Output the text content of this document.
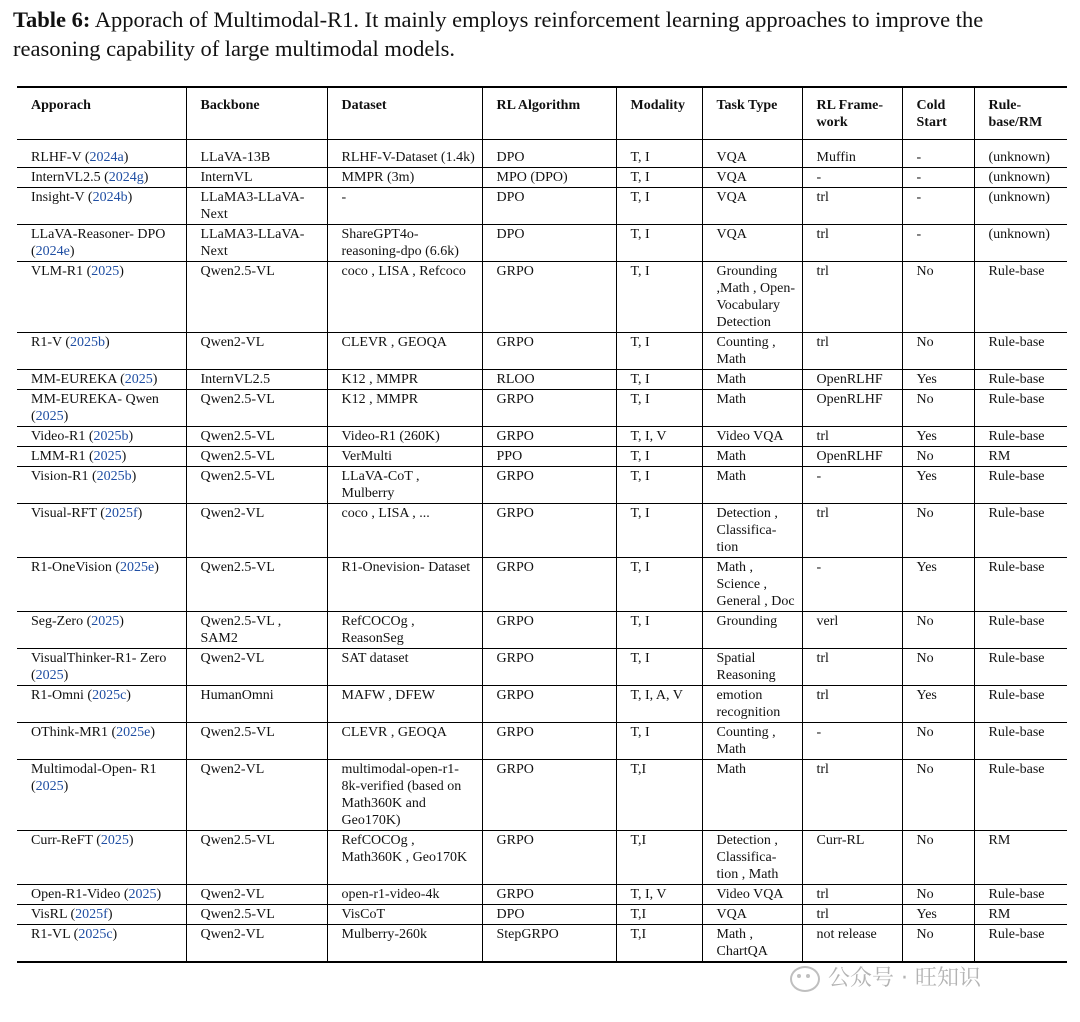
Table 6: Apporach of Multimodal-R1. It mainly employs reinforcement learning approaches to improve the reasoning capability of large multimodal models.

Apporach	Backbone	Dataset	RL Algorithm	Modality	Task Type	RL Frame- work	Cold Start	Rule- base/RM
RLHF-V (2024a)	LLaVA-13B	RLHF-V-Dataset (1.4k)	DPO	T, I	VQA	Muffin	-	(unknown)
InternVL2.5 (2024g)	InternVL	MMPR (3m)	MPO (DPO)	T, I	VQA	-	-	(unknown)
Insight-V (2024b)	LLaMA3-LLaVA- Next	-	DPO	T, I	VQA	trl	-	(unknown)
LLaVA-Reasoner- DPO (2024e)	LLaMA3-LLaVA- Next	ShareGPT4o- reasoning-dpo (6.6k)	DPO	T, I	VQA	trl	-	(unknown)
VLM-R1 (2025)	Qwen2.5-VL	coco , LISA , Refcoco	GRPO	T, I	Grounding ,Math , Open- Vocabulary Detection	trl	No	Rule-base
R1-V (2025b)	Qwen2-VL	CLEVR , GEOQA	GRPO	T, I	Counting , Math	trl	No	Rule-base
MM-EUREKA (2025)	InternVL2.5	K12 , MMPR	RLOO	T, I	Math	OpenRLHF	Yes	Rule-base
MM-EUREKA- Qwen (2025)	Qwen2.5-VL	K12 , MMPR	GRPO	T, I	Math	OpenRLHF	No	Rule-base
Video-R1 (2025b)	Qwen2.5-VL	Video-R1 (260K)	GRPO	T, I, V	Video VQA	trl	Yes	Rule-base
LMM-R1 (2025)	Qwen2.5-VL	VerMulti	PPO	T, I	Math	OpenRLHF	No	RM
Vision-R1 (2025b)	Qwen2.5-VL	LLaVA-CoT , Mulberry	GRPO	T, I	Math	-	Yes	Rule-base
Visual-RFT (2025f)	Qwen2-VL	coco , LISA , ...	GRPO	T, I	Detection , Classifica- tion	trl	No	Rule-base
R1-OneVision (2025e)	Qwen2.5-VL	R1-Onevision- Dataset	GRPO	T, I	Math , Science , General , Doc	-	Yes	Rule-base
Seg-Zero (2025)	Qwen2.5-VL , SAM2	RefCOCOg , ReasonSeg	GRPO	T, I	Grounding	verl	No	Rule-base
VisualThinker-R1- Zero (2025)	Qwen2-VL	SAT dataset	GRPO	T, I	Spatial Reasoning	trl	No	Rule-base
R1-Omni (2025c)	HumanOmni	MAFW , DFEW	GRPO	T, I, A, V	emotion recognition	trl	Yes	Rule-base
OThink-MR1 (2025e)	Qwen2.5-VL	CLEVR , GEOQA	GRPO	T, I	Counting , Math	-	No	Rule-base
Multimodal-Open- R1 (2025)	Qwen2-VL	multimodal-open-r1- 8k-verified (based on Math360K and Geo170K)	GRPO	T,I	Math	trl	No	Rule-base
Curr-ReFT (2025)	Qwen2.5-VL	RefCOCOg , Math360K , Geo170K	GRPO	T,I	Detection , Classifica- tion , Math	Curr-RL	No	RM
Open-R1-Video (2025)	Qwen2-VL	open-r1-video-4k	GRPO	T, I, V	Video VQA	trl	No	Rule-base
VisRL (2025f)	Qwen2.5-VL	VisCoT	DPO	T,I	VQA	trl	Yes	RM
R1-VL (2025c)	Qwen2-VL	Mulberry-260k	StepGRPO	T,I	Math , ChartQA	not release	No	Rule-base
公众号 · 旺知识
